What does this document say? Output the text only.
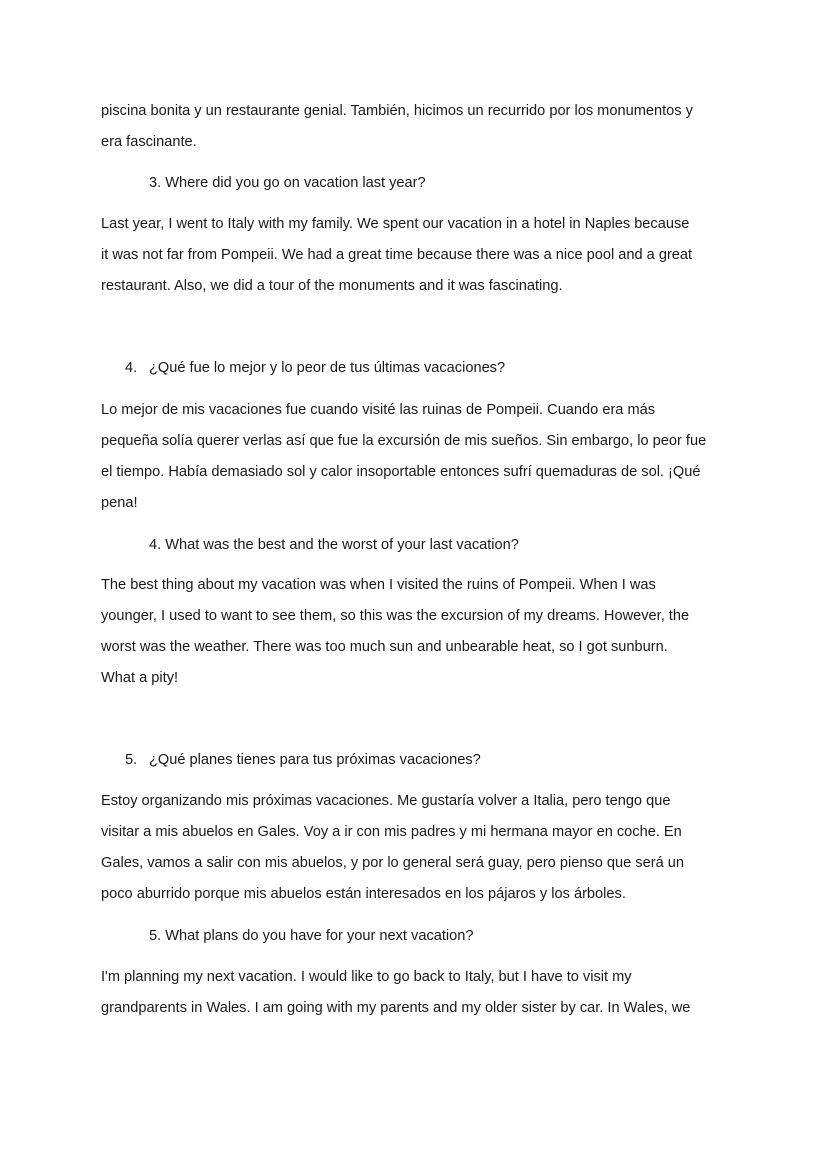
piscina bonita y un restaurante genial. También, hicimos un recurrido por los monumentos y
era fascinante.

3. Where did you go on vacation last year?

Last year, I went to Italy with my family. We spent our vacation in a hotel in Naples because
it was not far from Pompeii. We had a great time because there was a nice pool and a great
restaurant. Also, we did a tour of the monuments and it was fascinating.

4. ¿Qué fue lo mejor y lo peor de tus últimas vacaciones?

Lo mejor de mis vacaciones fue cuando visité las ruinas de Pompeii. Cuando era más
pequeña solía querer verlas así que fue la excursión de mis sueños. Sin embargo, lo peor fue
el tiempo. Había demasiado sol y calor insoportable entonces sufrí quemaduras de sol. ¡Qué
pena!

4. What was the best and the worst of your last vacation?

The best thing about my vacation was when I visited the ruins of Pompeii. When I was
younger, I used to want to see them, so this was the excursion of my dreams. However, the
worst was the weather. There was too much sun and unbearable heat, so I got sunburn.
What a pity!

5. ¿Qué planes tienes para tus próximas vacaciones?

Estoy organizando mis próximas vacaciones. Me gustaría volver a Italia, pero tengo que
visitar a mis abuelos en Gales. Voy a ir con mis padres y mi hermana mayor en coche. En
Gales, vamos a salir con mis abuelos, y por lo general será guay, pero pienso que será un
poco aburrido porque mis abuelos están interesados en los pájaros y los árboles.

5. What plans do you have for your next vacation?

I'm planning my next vacation. I would like to go back to Italy, but I have to visit my
grandparents in Wales. I am going with my parents and my older sister by car. In Wales, we
